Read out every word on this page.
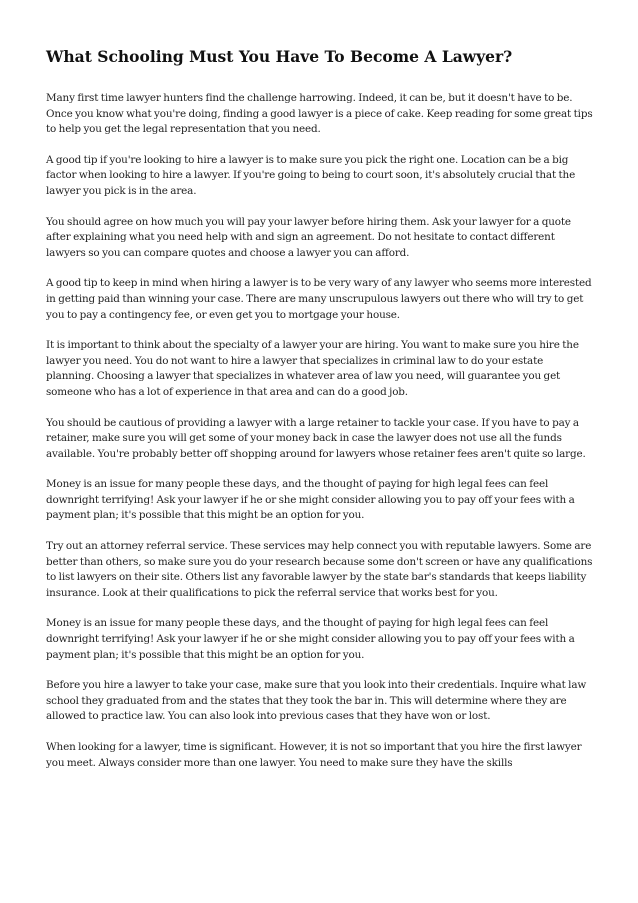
What Schooling Must You Have To Become A Lawyer?

Many first time lawyer hunters find the challenge harrowing. Indeed, it can be, but it doesn't have to be. Once you know what you're doing, finding a good lawyer is a piece of cake. Keep reading for some great tips to help you get the legal representation that you need.

A good tip if you're looking to hire a lawyer is to make sure you pick the right one. Location can be a big factor when looking to hire a lawyer. If you're going to being to court soon, it's absolutely crucial that the lawyer you pick is in the area.

You should agree on how much you will pay your lawyer before hiring them. Ask your lawyer for a quote after explaining what you need help with and sign an agreement. Do not hesitate to contact different lawyers so you can compare quotes and choose a lawyer you can afford.

A good tip to keep in mind when hiring a lawyer is to be very wary of any lawyer who seems more interested in getting paid than winning your case. There are many unscrupulous lawyers out there who will try to get you to pay a contingency fee, or even get you to mortgage your house.

It is important to think about the specialty of a lawyer your are hiring. You want to make sure you hire the lawyer you need. You do not want to hire a lawyer that specializes in criminal law to do your estate planning. Choosing a lawyer that specializes in whatever area of law you need, will guarantee you get someone who has a lot of experience in that area and can do a good job.

You should be cautious of providing a lawyer with a large retainer to tackle your case. If you have to pay a retainer, make sure you will get some of your money back in case the lawyer does not use all the funds available. You're probably better off shopping around for lawyers whose retainer fees aren't quite so large.

Money is an issue for many people these days, and the thought of paying for high legal fees can feel downright terrifying! Ask your lawyer if he or she might consider allowing you to pay off your fees with a payment plan; it's possible that this might be an option for you.

Try out an attorney referral service. These services may help connect you with reputable lawyers. Some are better than others, so make sure you do your research because some don't screen or have any qualifications to list lawyers on their site. Others list any favorable lawyer by the state bar's standards that keeps liability insurance. Look at their qualifications to pick the referral service that works best for you.

Money is an issue for many people these days, and the thought of paying for high legal fees can feel downright terrifying! Ask your lawyer if he or she might consider allowing you to pay off your fees with a payment plan; it's possible that this might be an option for you.

Before you hire a lawyer to take your case, make sure that you look into their credentials. Inquire what law school they graduated from and the states that they took the bar in. This will determine where they are allowed to practice law. You can also look into previous cases that they have won or lost.

When looking for a lawyer, time is significant. However, it is not so important that you hire the first lawyer you meet. Always consider more than one lawyer. You need to make sure they have the skills
